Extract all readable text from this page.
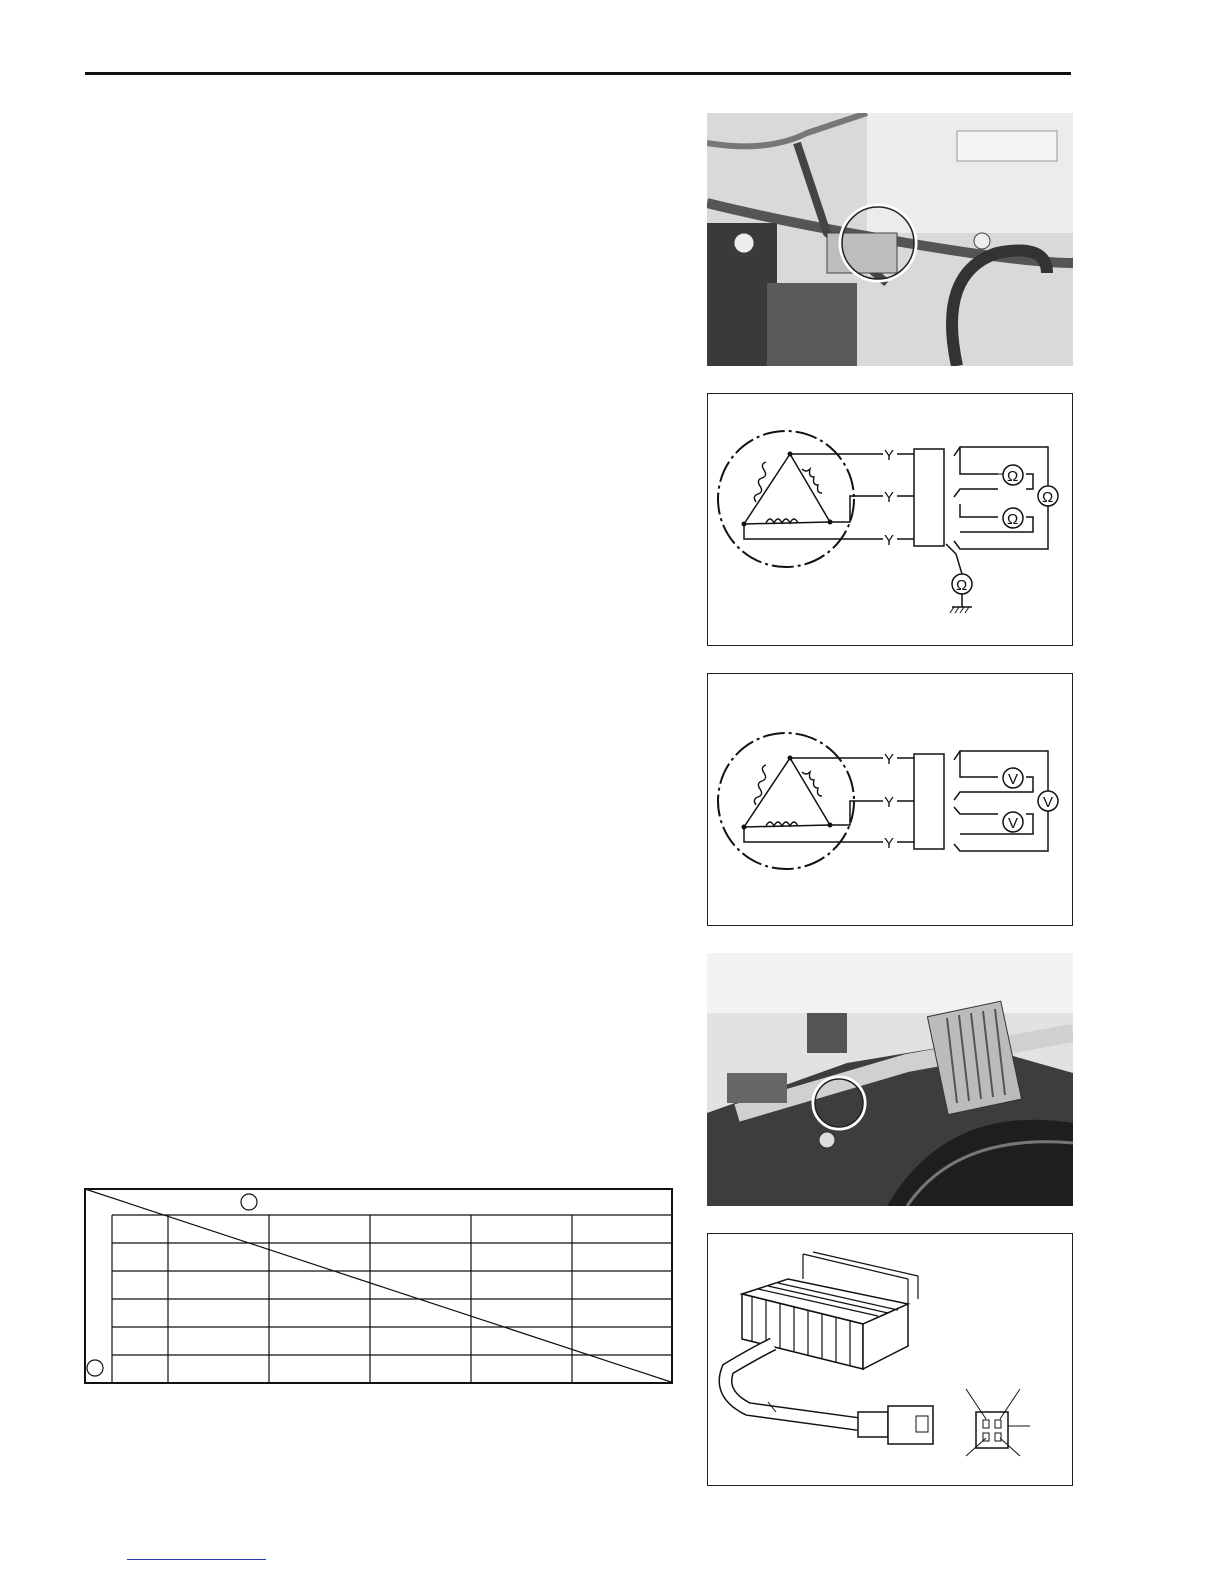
Y
Y
Y
Ω
Ω
Ω
Ω
Y
Y
Y
V
V
V
